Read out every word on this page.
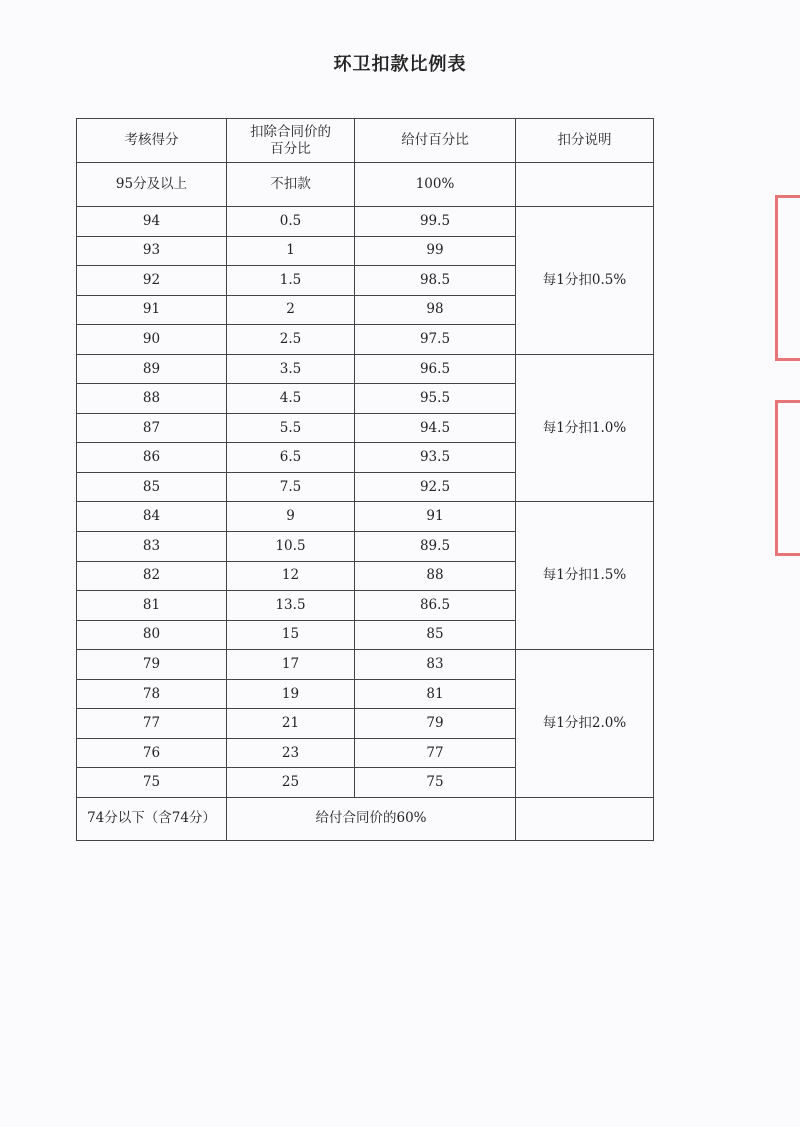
环卫扣款比例表
考核得分	扣除合同价的百分比	给付百分比	扣分说明
95分及以上	不扣款	100%	
94	0.5	99.5	每1分扣0.5%
93	1	99	
92	1.5	98.5	
91	2	98	
90	2.5	97.5	
89	3.5	96.5	每1分扣1.0%
88	4.5	95.5	
87	5.5	94.5	
86	6.5	93.5	
85	7.5	92.5	
84	9	91	每1分扣1.5%
83	10.5	89.5	
82	12	88	
81	13.5	86.5	
80	15	85	
79	17	83	每1分扣2.0%
78	19	81	
77	21	79	
76	23	77	
75	25	75	

74分以下（含74分）	给付合同价的60%		
